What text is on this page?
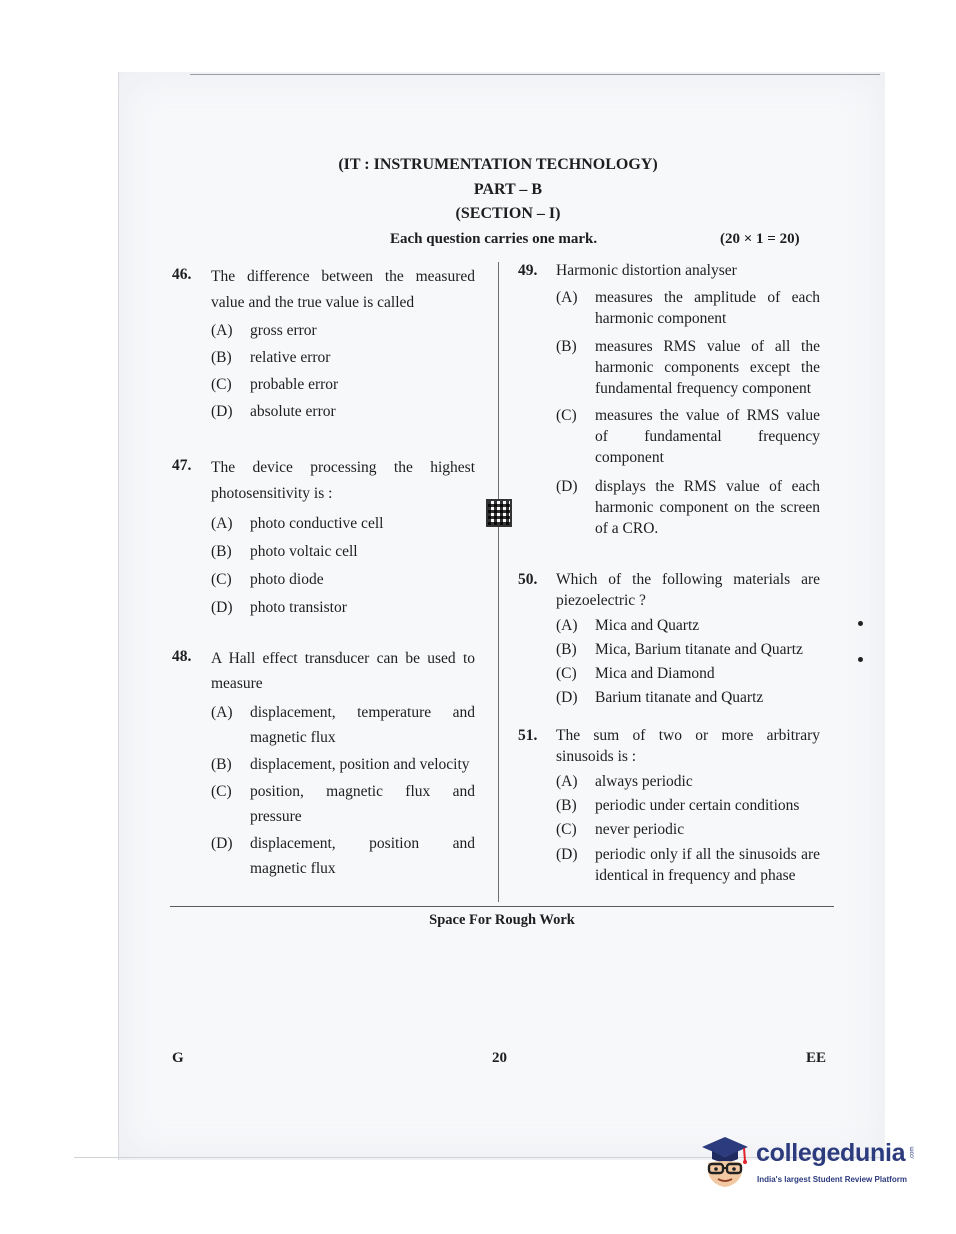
(IT : INSTRUMENTATION TECHNOLOGY)
PART – B
(SECTION – I)
Each question carries one mark.	(20 × 1 = 20)
46. The difference between the measured value and the true value is called
(A)	gross error
(B)	relative error
(C)	probable error
(D)	absolute error
47. The device processing the highest photosensitivity is :
(A)	photo conductive cell
(B)	photo voltaic cell
(C)	photo diode
(D)	photo transistor
48. A Hall effect transducer can be used to measure
(A)	displacement, temperature and magnetic flux
(B)	displacement, position and velocity
(C)	position, magnetic flux and pressure
(D)	displacement, position and magnetic flux
49. Harmonic distortion analyser
(A)	measures the amplitude of each harmonic component
(B)	measures RMS value of all the harmonic components except the fundamental frequency component
(C)	measures the value of RMS value of fundamental frequency component
(D)	displays the RMS value of each harmonic component on the screen of a CRO.
50. Which of the following materials are piezoelectric ?
(A)	Mica and Quartz
(B)	Mica, Barium titanate and Quartz
(C)	Mica and Diamond
(D)	Barium titanate and Quartz
51. The sum of two or more arbitrary sinusoids is :
(A)	always periodic
(B)	periodic under certain conditions
(C)	never periodic
(D)	periodic only if all the sinusoids are identical in frequency and phase
Space For Rough Work
G	20	EE
collegedunia .com
India's largest Student Review Platform
